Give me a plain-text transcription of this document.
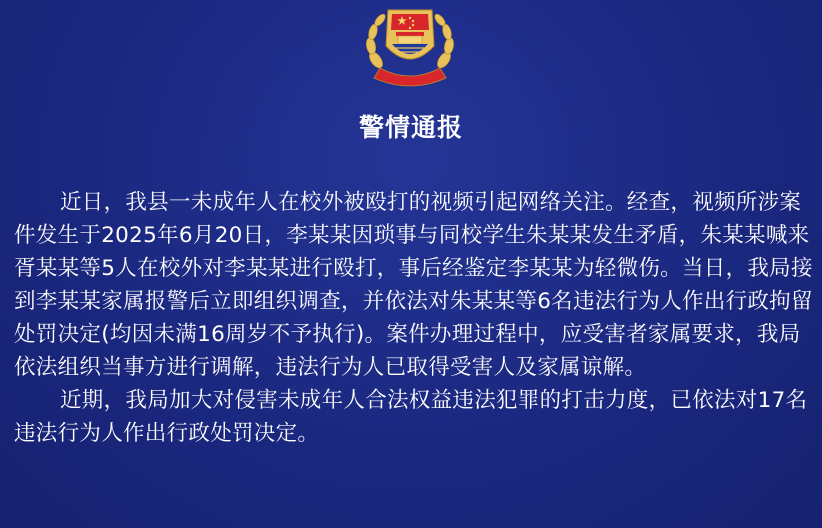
警情通报

近日，我县一未成年人在校外被殴打的视频引起网络关注。经查，视频所涉案件发生于2025年6月20日，李某某因琐事与同校学生朱某某发生矛盾，朱某某喊来胥某某等5人在校外对李某某进行殴打，事后经鉴定李某某为轻微伤。当日，我局接到李某某家属报警后立即组织调查，并依法对朱某某等6名违法行为人作出行政拘留处罚决定(均因未满16周岁不予执行)。案件办理过程中，应受害者家属要求，我局依法组织当事方进行调解，违法行为人已取得受害人及家属谅解。

近期，我局加大对侵害未成年人合法权益违法犯罪的打击力度，已依法对17名违法行为人作出行政处罚决定。
